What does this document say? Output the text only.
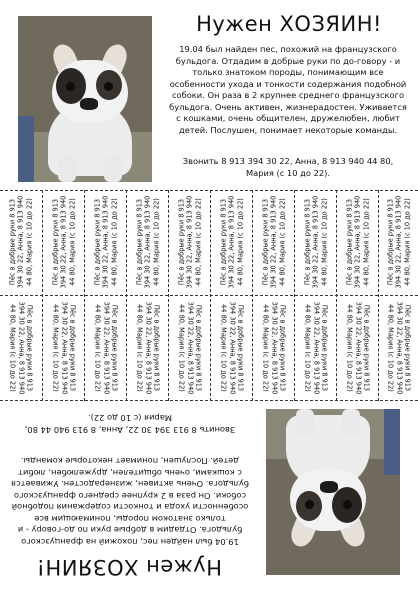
Нужен ХОЗЯИН!
19.04 был найден пес, похожий на французского бульдога. Отдадим в добрые руки по до-говору - и только знатоком породы, понимающим все особенности ухода и тонкости содержания подобной собоки. Он раза в 2 крупнее среднего французского бульдога. Очень активен, жизнерадостен. Уживается с кошками, очень общителен, дружелюбен, любит детей. Послушен, понимает некоторые команды.
Звонить 8 913 394 30 22, Анна, 8 913 940 44 80, Мария (с 10 до 22).
Пёс в добрые руки 8 913 394 30 22, Анна, 8 913 940 44 80, Мария (с 10 до 22)
Пёс в добрые руки 8 913 394 30 22, Анна, 8 913 940 44 80, Мария (с 10 до 22)
Пёс в добрые руки 8 913 394 30 22, Анна, 8 913 940 44 80, Мария (с 10 до 22)
Пёс в добрые руки 8 913 394 30 22, Анна, 8 913 940 44 80, Мария (с 10 до 22)
Пёс в добрые руки 8 913 394 30 22, Анна, 8 913 940 44 80, Мария (с 10 до 22)
Пёс в добрые руки 8 913 394 30 22, Анна, 8 913 940 44 80, Мария (с 10 до 22)
Пёс в добрые руки 8 913 394 30 22, Анна, 8 913 940 44 80, Мария (с 10 до 22)
Пёс в добрые руки 8 913 394 30 22, Анна, 8 913 940 44 80, Мария (с 10 до 22)
Пёс в добрые руки 8 913 394 30 22, Анна, 8 913 940 44 80, Мария (с 10 до 22)
Пёс в добрые руки 8 913 394 30 22, Анна, 8 913 940 44 80, Мария (с 10 до 22)
Пёс в добрые руки 8 913 394 30 22, Анна, 8 913 940 44 80, Мария (с 10 до 22)
Пёс в добрые руки 8 913 394 30 22, Анна, 8 913 940 44 80, Мария (с 10 до 22)
Пёс в добрые руки 8 913 394 30 22, Анна, 8 913 940 44 80, Мария (с 10 до 22)
Пёс в добрые руки 8 913 394 30 22, Анна, 8 913 940 44 80, Мария (с 10 до 22)
Пёс в добрые руки 8 913 394 30 22, Анна, 8 913 940 44 80, Мария (с 10 до 22)
Пёс в добрые руки 8 913 394 30 22, Анна, 8 913 940 44 80, Мария (с 10 до 22)
Пёс в добрые руки 8 913 394 30 22, Анна, 8 913 940 44 80, Мария (с 10 до 22)
Пёс в добрые руки 8 913 394 30 22, Анна, 8 913 940 44 80, Мария (с 10 до 22)
Пёс в добрые руки 8 913 394 30 22, Анна, 8 913 940 44 80, Мария (с 10 до 22)
Пёс в добрые руки 8 913 394 30 22, Анна, 8 913 940 44 80, Мария (с 10 до 22)
Нужен ХОЗЯИН!
19.04 был найден пес, похожий на французского бульдога. Отдадим в добрые руки по до-говору - и только знатоком породы, понимающим все особенности ухода и тонкости содержания подобной собоки. Он раза в 2 крупнее среднего французского бульдога. Очень активен, жизнерадостен. Уживается с кошками, очень общителен, дружелюбен, любит детей. Послушен, понимает некоторые команды.
Звонить 8 913 394 30 22, Анна, 8 913 940 44 80, Мария (с 10 до 22).
